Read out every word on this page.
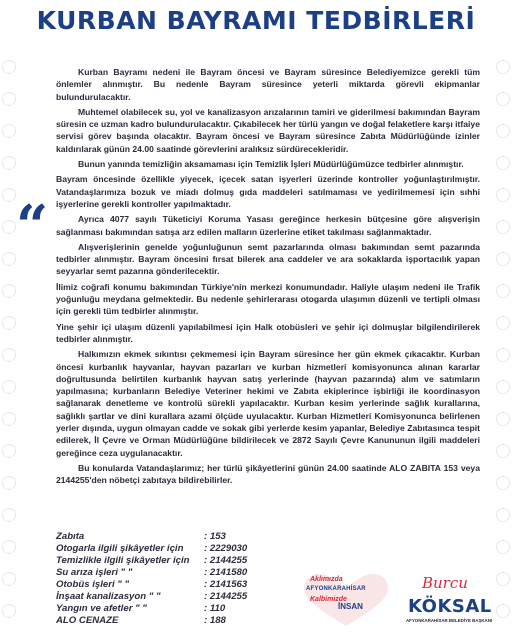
KURBAN BAYRAMI TEDBİRLERİ
“

Kurban Bayramı nedeni ile Bayram öncesi ve Bayram süresince Belediyemizce gerekli tüm önlemler alınmıştır. Bu nedenle Bayram süresince yeterli miktarda görevli ekipmanlar bulundurulacaktır.

Muhtemel olabilecek su, yol ve kanalizasyon arızalarının tamiri ve giderilmesi bakımından Bayram süresin ce uzman kadro bulundurulacaktır. Çıkabilecek her türlü yangın ve doğal felaketlere karşı itfaiye servisi görev başında olacaktır. Bayram öncesi ve Bayram süresince Zabıta Müdürlüğünde izinler kaldırılarak günün 24.00 saatinde görevlerini aralıksız sürdürecekleridir.

Bunun yanında temizliğin aksamaması için Temizlik İşleri Müdürlüğümüzce tedbirler alınmıştır.

Bayram öncesinde özellikle yiyecek, içecek satan işyerleri üzerinde kontroller yoğunlaştırılmıştır. Vatandaşlarımıza bozuk ve miadı dolmuş gıda maddeleri satılmaması ve yedirilmemesi için sıhhi işyerlerine gerekli kontroller yapılmaktadır.

Ayrıca 4077 sayılı Tüketiciyi Koruma Yasası gereğince herkesin bütçesine göre alışverişin sağlanması bakımından satışa arz edilen malların üzerlerine etiket takılması sağlanmaktadır.

Alışverişlerinin genelde yoğunluğunun semt pazarlarında olması bakımından semt pazarında tedbirler alınmıştır. Bayram öncesini fırsat bilerek ana caddeler ve ara sokaklarda işportacılık yapan seyyarlar semt pazarına gönderilecektir.

İlimiz coğrafi konumu bakımından Türkiye'nin merkezi konumundadır. Haliyle ulaşım nedeni ile Trafik yoğunluğu meydana gelmektedir. Bu nedenle şehirlerarası otogarda ulaşımın düzenli ve tertipli olması için gerekli tüm tedbirler alınmıştır.

Yine şehir içi ulaşım düzenli yapılabilmesi için Halk otobüsleri ve şehir içi dolmuşlar bilgilendirilerek tedbirler alınmıştır.

Halkımızın ekmek sıkıntısı çekmemesi için Bayram süresince her gün ekmek çıkacaktır. Kurban öncesi kurbanlık hayvanlar, hayvan pazarları ve kurban hizmetleri komisyonunca alınan kararlar doğrultusunda belirtilen kurbanlık hayvan satış yerlerinde (hayvan pazarında) alım ve satımların yapılmasına; kurbanların Belediye Veteriner hekimi ve Zabıta ekiplerince işbirliği ile koordinasyon sağlanarak denetleme ve kontrolü sürekli yapılacaktır. Kurban kesim yerlerinde sağlık kurallarına, sağlıklı şartlar ve dini kurallara azami ölçüde uyulacaktır. Kurban Hizmetleri Komisyonunca belirlenen yerler dışında, uygun olmayan cadde ve sokak gibi yerlerde kesim yapanlar, Belediye Zabıtasınca tespit edilerek, İl Çevre ve Orman Müdürlüğüne bildirilecek ve 2872 Sayılı Çevre Kanununun ilgili maddeleri gereğince ceza uygulanacaktır.

Bu konularda Vatandaşlarımız; her türlü şikâyetlerini günün 24.00 saatinde ALO ZABITA 153 veya 2144255'den nöbetçi zabıtaya bildirebilirler.

Zabıta	: 153
Otogarla ilgili şikâyetler için	: 2229030
Temizlikle ilgili şikâyetler için	: 2144255
Su arıza işleri " "	: 2141580
Otobüs işleri " "	: 2141563
İnşaat kanalizasyon " "	: 2144255
Yangın ve afetler " "	: 110
ALO CENAZE	: 188
Aklımızda
AFYONKARAHİSAR
Kalbimizde
İNSAN
Burcu
KÖKSAL
AFYONKARAHİSAR BELEDİYE BAŞKANI
